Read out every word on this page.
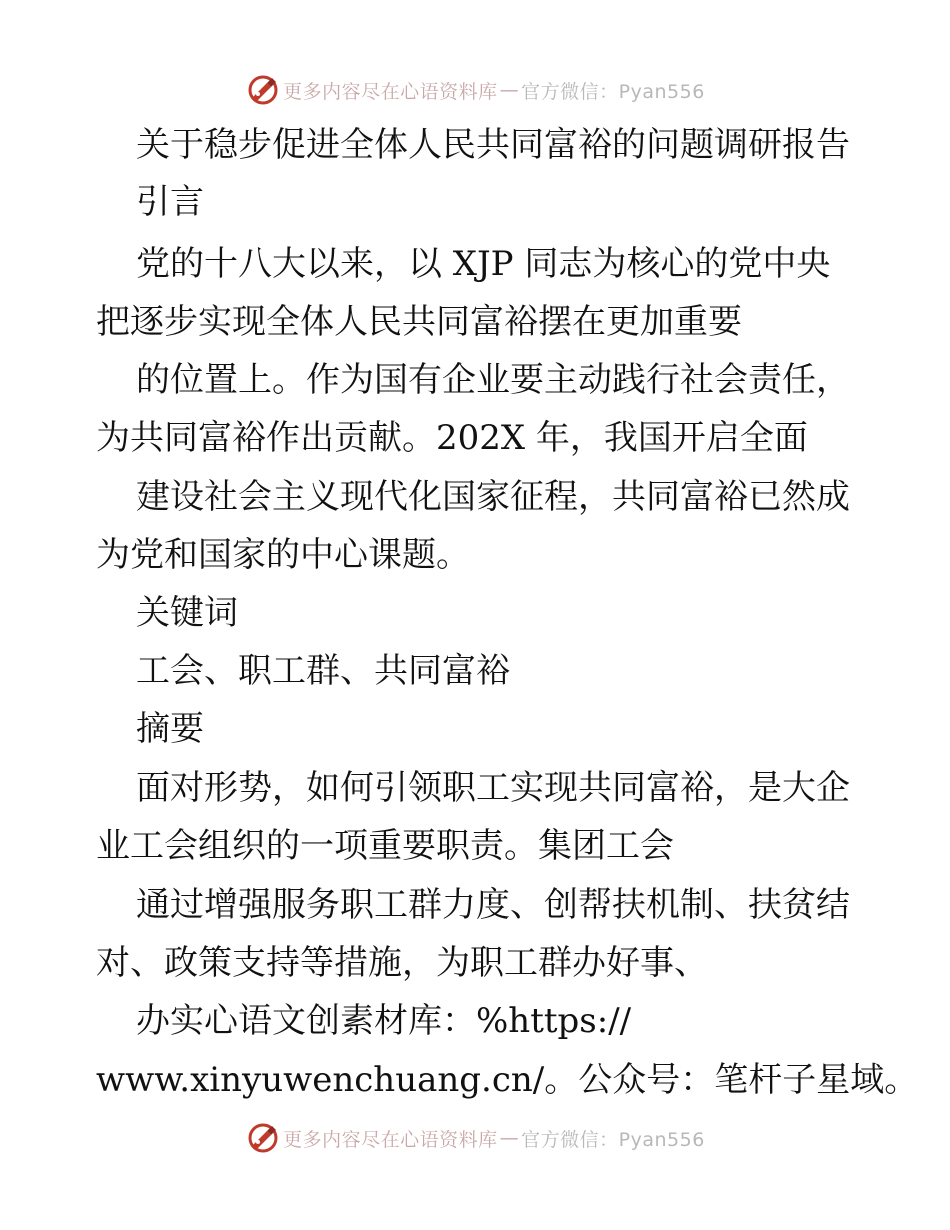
更多内容尽在心语资料库 — 官方微信：Pyan556
关于稳步促进全体人民共同富裕的问题调研报告
引言
党的十八大以来，以 XJP 同志为核心的党中央
把逐步实现全体人民共同富裕摆在更加重要
的位置上。作为国有企业要主动践行社会责任，
为共同富裕作出贡献。202X 年，我国开启全面
建设社会主义现代化国家征程，共同富裕已然成
为党和国家的中心课题。
关键词
工会、职工群、共同富裕
摘要
面对形势，如何引领职工实现共同富裕，是大企
业工会组织的一项重要职责。集团工会
通过增强服务职工群力度、创帮扶机制、扶贫结
对、政策支持等措施，为职工群办好事、
办实心语文创素材库：%https://
www.xinyuwenchuang.cn/。公众号：笔杆子星域。
更多内容尽在心语资料库 — 官方微信：Pyan556
